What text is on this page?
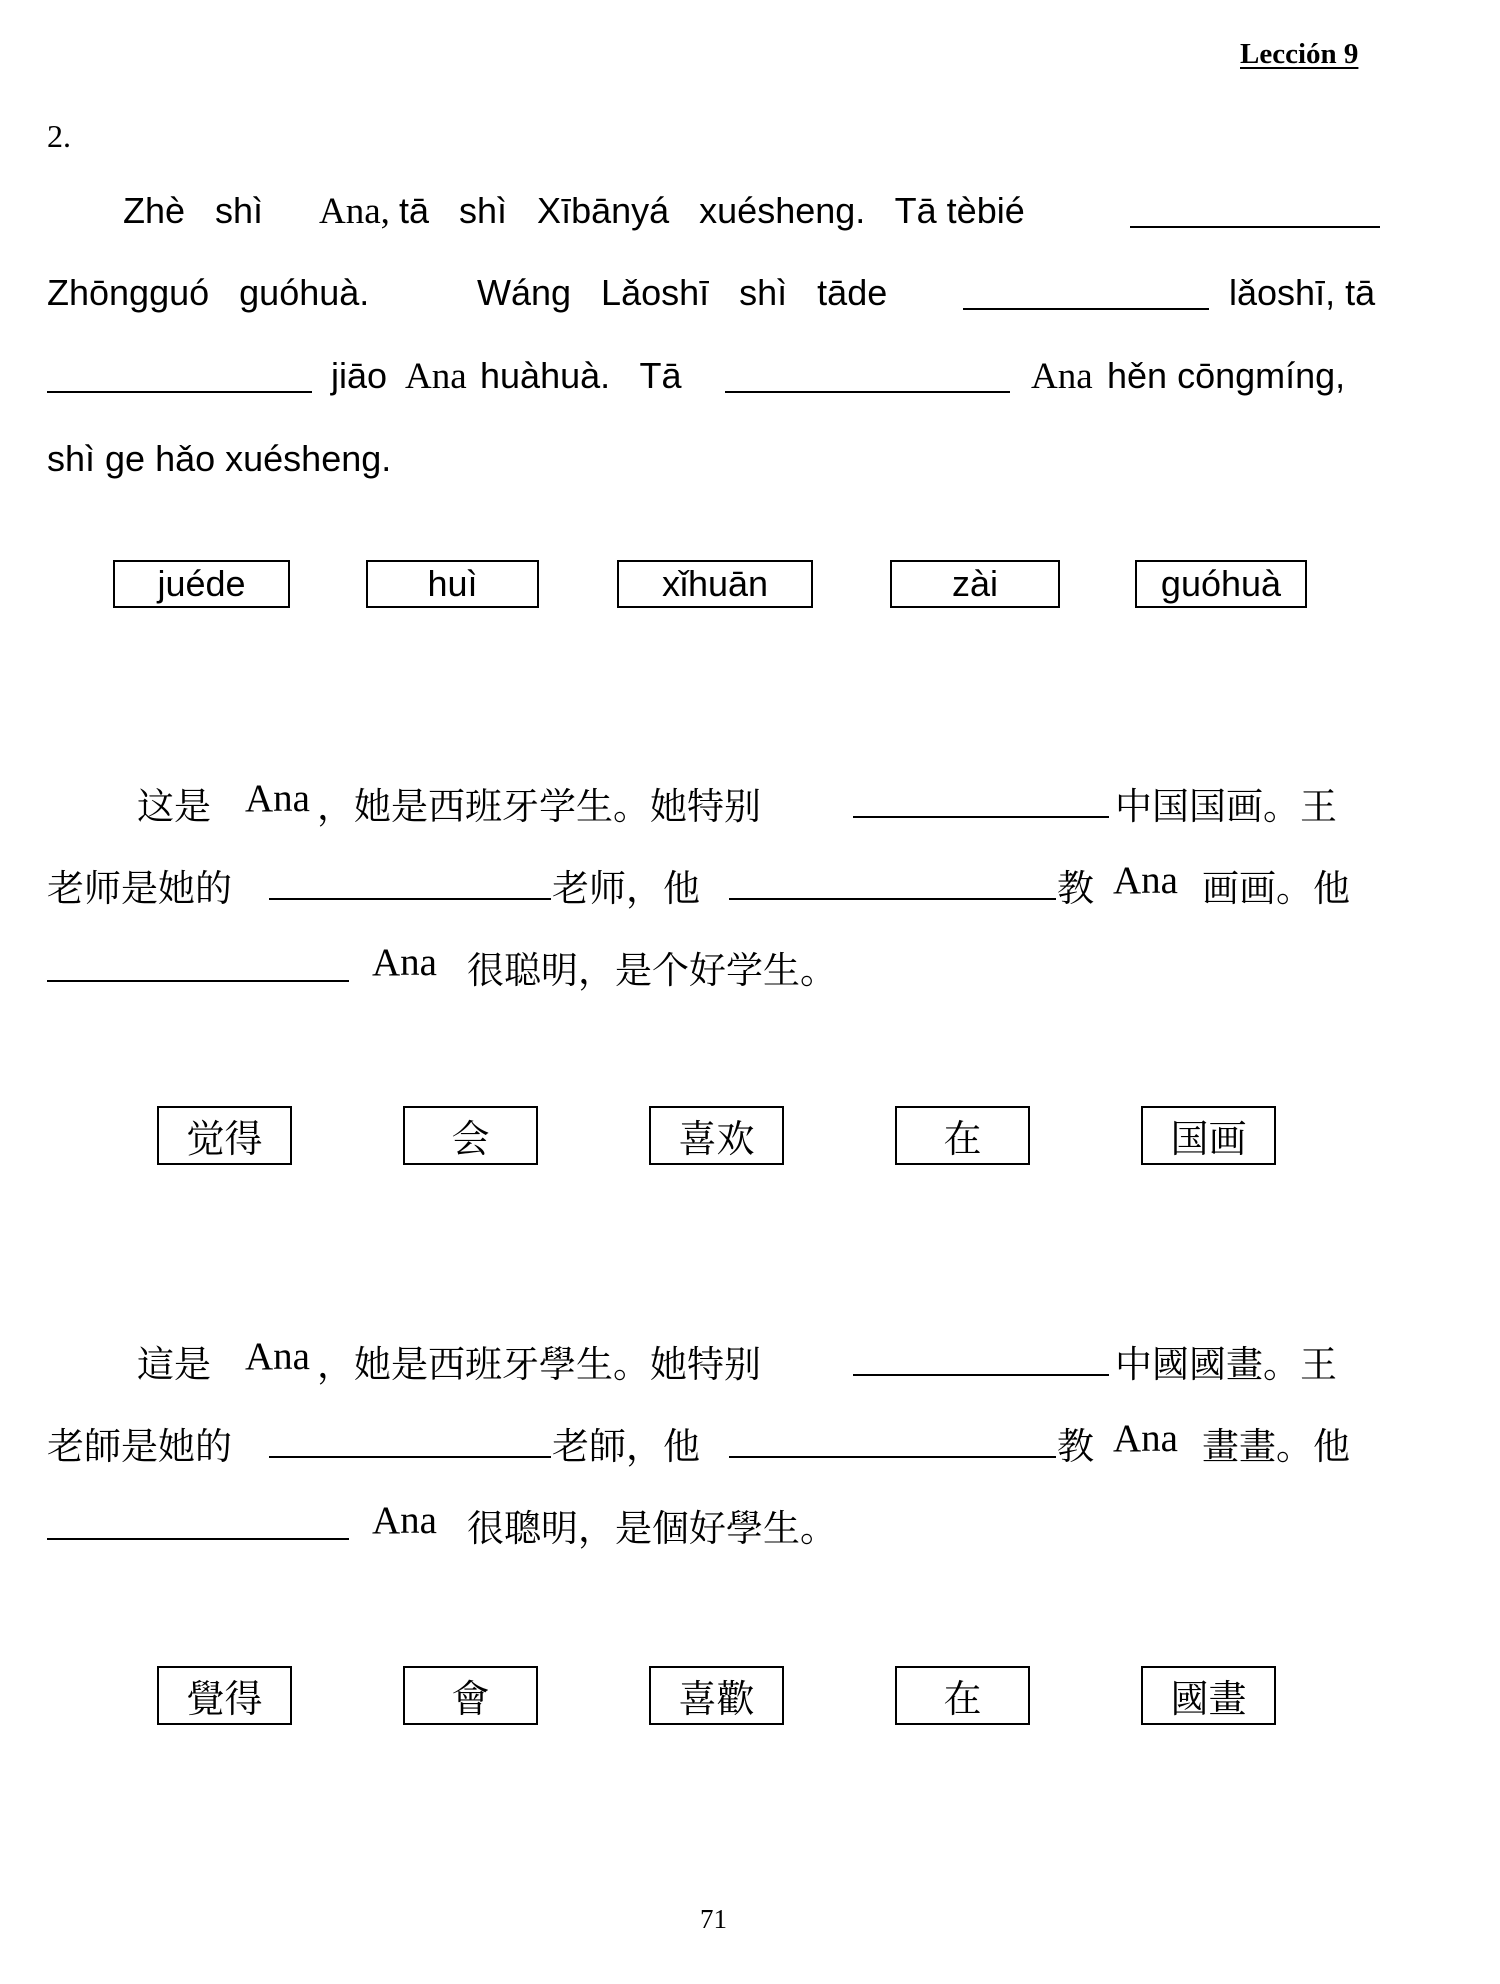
Lección 9
2.
Zhè   shì Ana, tā   shì   Xībānyá   xuésheng.   Tā tèbié
Zhōngguó   guóhuà.	Wáng   Lǎoshī   shì   tāde	lǎoshī, tā
jiāo Ana huàhuà.   Tā	Ana hěn cōngmíng,
shì ge hǎo xuésheng.
juéde	huì	xǐhuān	zài	guóhuà
这是 Ana ，她是西班牙学生。她特别	中国国画。王
老师是她的	老师，他	教 Ana 画画。他
Ana 很聪明，是个好学生。
觉得	会	喜欢	在	国画
這是 Ana ，她是西班牙學生。她特别	中國國畫。王
老師是她的	老師，他	教 Ana 畫畫。他
Ana 很聰明，是個好學生。
覺得	會	喜歡	在	國畫
71
